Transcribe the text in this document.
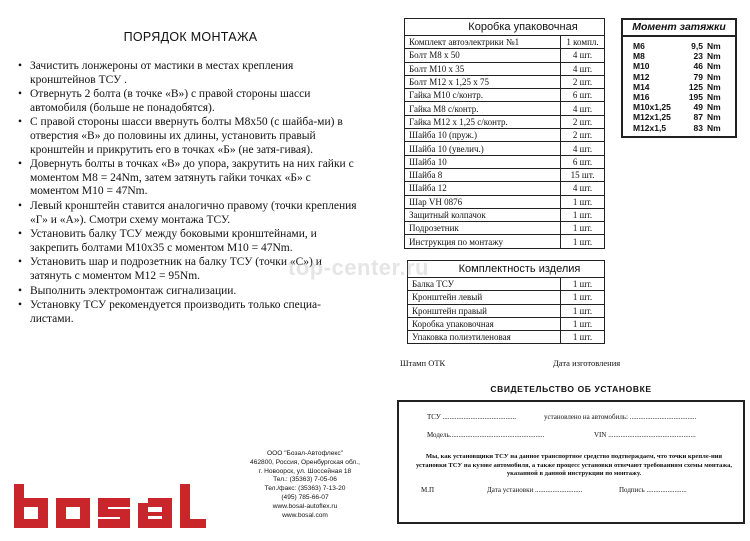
ПОРЯДОК МОНТАЖА
• Зачистить лонжероны от мастики в местах крепления кронштейнов ТСУ .
• Отвернуть 2 болта (в точке «В») с правой стороны шасси автомобиля (больше не понадобятся).
• С правой стороны шасси ввернуть болты М8х50 (с шайба-ми) в отверстия «В» до половины их длины, установить правый кронштейн и прикрутить его в точках «Б» (не затя-гивая).
• Довернуть болты в точках «В» до упора, закрутить на них гайки с моментом М8 = 24Nm, затем затянуть гайки точках «Б» с моментом М10 = 47Nm.
• Левый кронштейн ставится аналогично правому (точки крепления «Г» и «А»). Смотри схему монтажа ТСУ.
• Установить балку ТСУ между боковыми кронштейнами, и закрепить болтами М10х35 с моментом М10 = 47Nm.
• Установить шар и подрозетник на балку ТСУ (точки «С») и затянуть с моментом М12 = 95Nm.
• Выполнить электромонтаж сигнализации.
• Установку ТСУ рекомендуется производить только специа-листами.
Коробка упаковочная	
Комплект автоэлектрики №1	1 компл.
Болт М8 х 50	4 шт.
Болт М10 х 35	4 шт.
Болт М12 х 1,25 х 75	2 шт.
Гайка М10 с/контр.	6 шт.
Гайка М8 с/контр.	4 шт.
Гайка М12 х 1,25 с/контр.	2 шт.
Шайба 10 (пруж.)	2 шт.
Шайба 10 (увелич.)	4 шт.
Шайба 10	6 шт.
Шайба 8	15 шт.
Шайба 12	4 шт.
Шар VH 0876	1 шт.
Защитный колпачок	1 шт.
Подрозетник	1 шт.
Инструкция по монтажу	1 шт.
Комплектность изделия	
Балка ТСУ	1 шт.
Кронштейн левый	1 шт.
Кронштейн правый	1 шт.
Коробка упаковочная	1 шт.
Упаковка полиэтиленовая	1 шт.
Момент затяжки
М6	9,5 Nm
М8	23 Nm
М10	46 Nm
М12	79 Nm
М14	125 Nm
М16	195 Nm
М10х1,25	49 Nm
М12х1,25	87 Nm
М12х1,5	83 Nm
Штамп ОТК	Дата изготовления
СВИДЕТЕЛЬСТВО ОБ УСТАНОВКЕ
ТСУ ..........................................	установлено на автомобиль: ......................................
Модель......................................................	VIN ..................................................
Мы, как установщики ТСУ на данное транспортное средство подтверждаем, что точки крепле-ния установки ТСУ на кузове автомобиля, а также процесс установки отвечают требованиям схемы монтажа, указанной в данной инструкции по монтажу.
М.П	Дата установки ...........................	Подпись .......................
ООО "Бозал-Автофлекс"
462800, Россия, Оренбургская обл.,
г. Новоорск, ул. Шоссейная 18
Тел.: (35363) 7-05-06
Тел./факс: (35363) 7-13-20
(495) 785-66-07
www.bosal-autoflex.ru
www.bosal.com
top-center.ru
